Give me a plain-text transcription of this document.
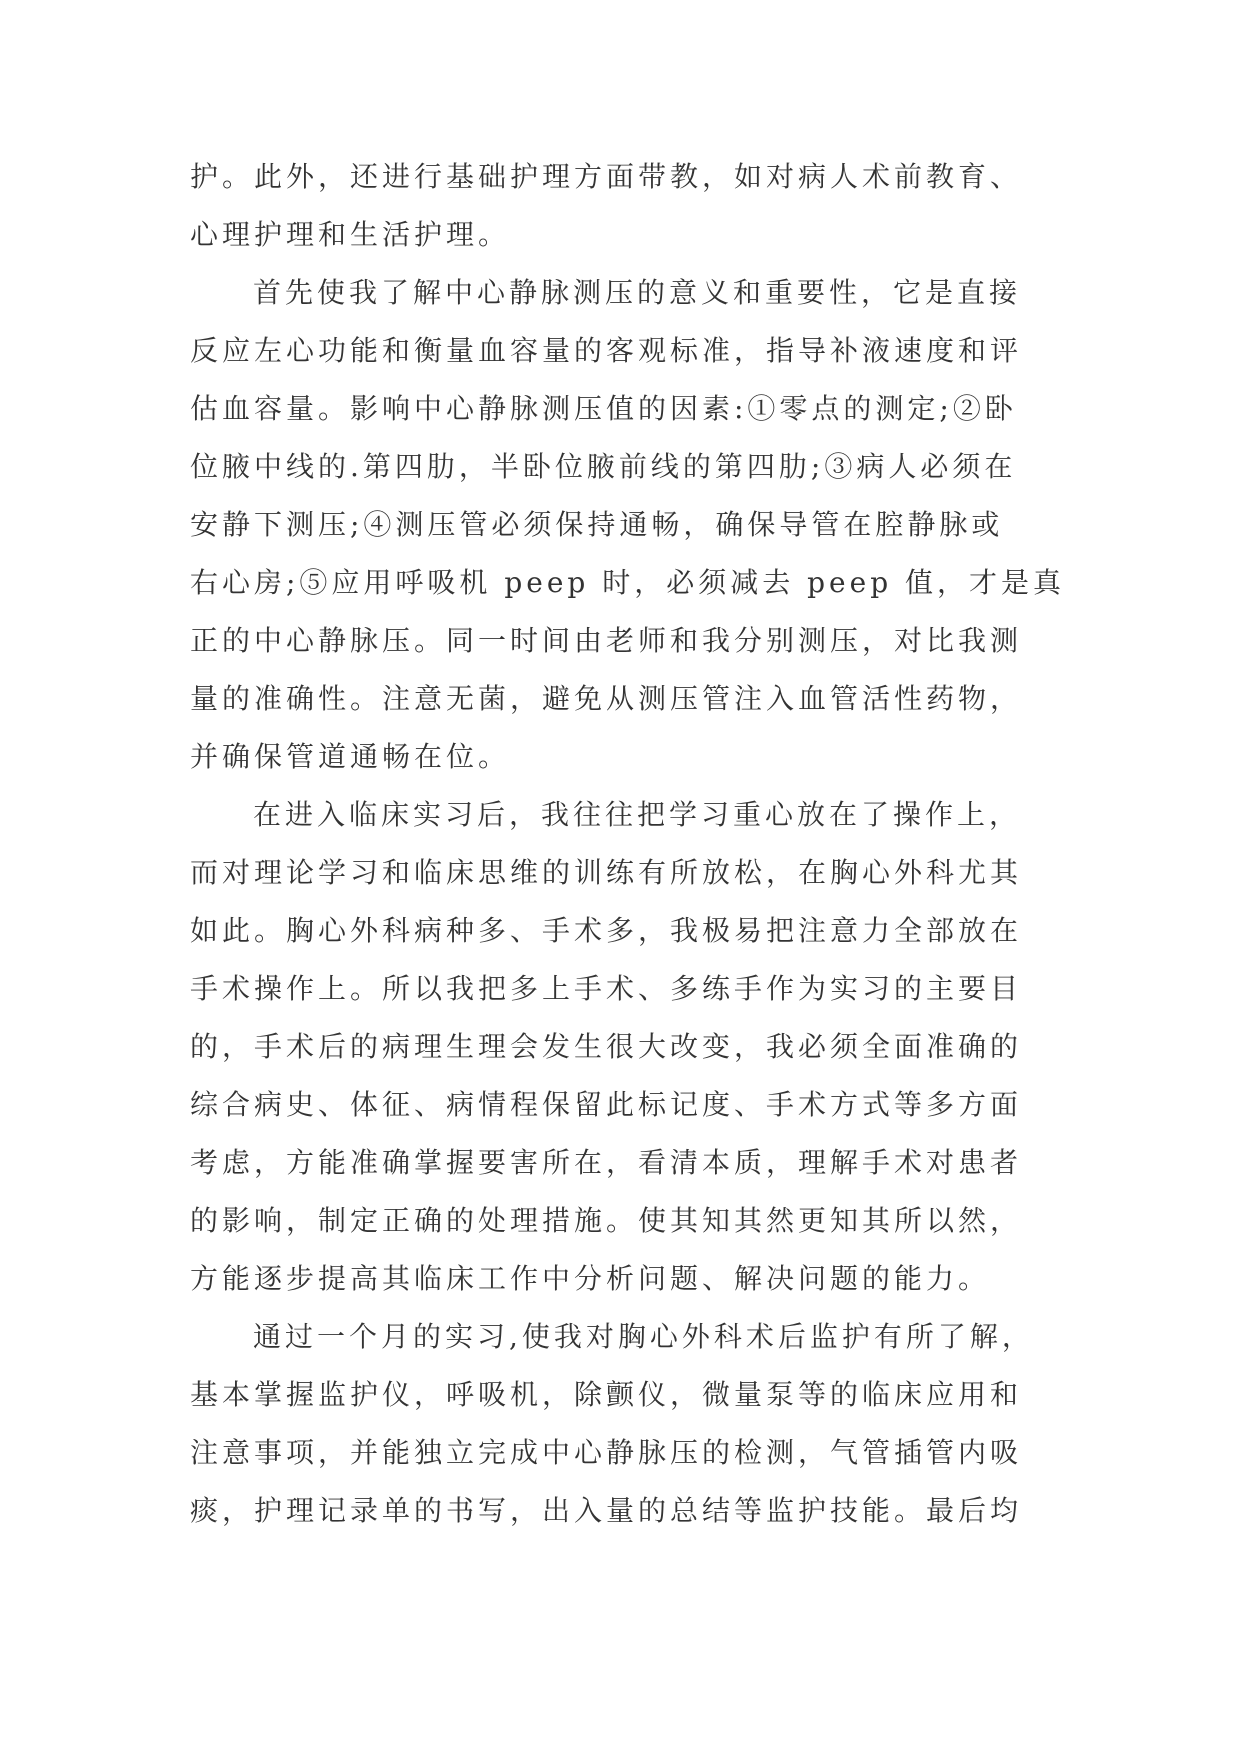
护。此外，还进行基础护理方面带教，如对病人术前教育、
心理护理和生活护理。
首先使我了解中心静脉测压的意义和重要性，它是直接
反应左心功能和衡量血容量的客观标准，指导补液速度和评
估血容量。影响中心静脉测压值的因素:①零点的测定;②卧
位腋中线的.第四肋，半卧位腋前线的第四肋;③病人必须在
安静下测压;④测压管必须保持通畅，确保导管在腔静脉或
右心房;⑤应用呼吸机 peep 时，必须减去 peep 值，才是真
正的中心静脉压。同一时间由老师和我分别测压，对比我测
量的准确性。注意无菌，避免从测压管注入血管活性药物，
并确保管道通畅在位。
在进入临床实习后，我往往把学习重心放在了操作上，
而对理论学习和临床思维的训练有所放松，在胸心外科尤其
如此。胸心外科病种多、手术多，我极易把注意力全部放在
手术操作上。所以我把多上手术、多练手作为实习的主要目
的，手术后的病理生理会发生很大改变，我必须全面准确的
综合病史、体征、病情程保留此标记度、手术方式等多方面
考虑，方能准确掌握要害所在，看清本质，理解手术对患者
的影响，制定正确的处理措施。使其知其然更知其所以然，
方能逐步提高其临床工作中分析问题、解决问题的能力。
通过一个月的实习,使我对胸心外科术后监护有所了解，
基本掌握监护仪，呼吸机，除颤仪，微量泵等的临床应用和
注意事项，并能独立完成中心静脉压的检测，气管插管内吸
痰，护理记录单的书写，出入量的总结等监护技能。最后均
